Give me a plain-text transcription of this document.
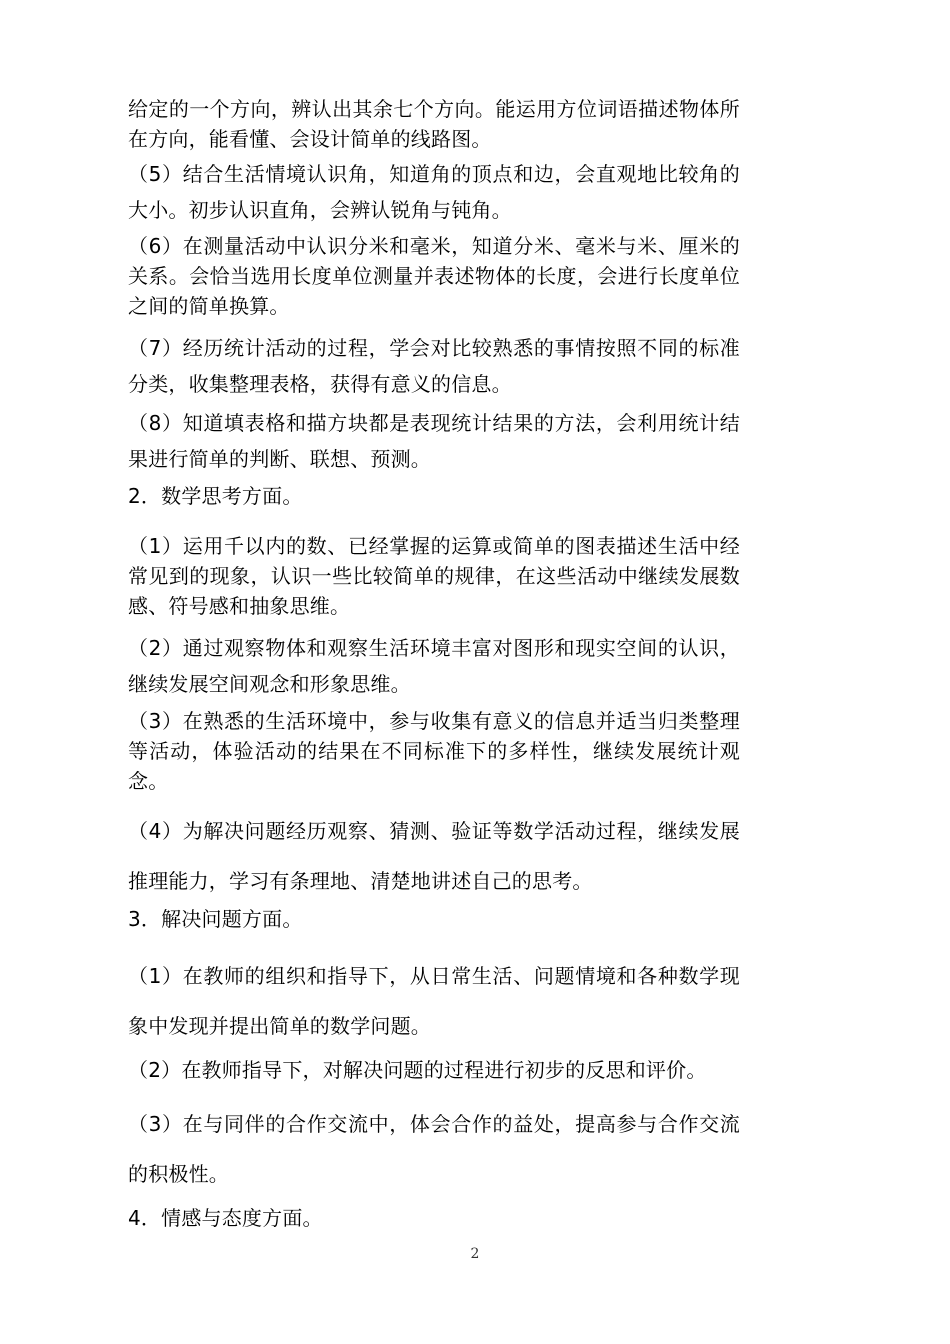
给定的一个方向，辨认出其余七个方向。能运用方位词语描述物体所在方向，能看懂、会设计简单的线路图。

（5）结合生活情境认识角，知道角的顶点和边，会直观地比较角的大小。初步认识直角，会辨认锐角与钝角。

（6）在测量活动中认识分米和毫米，知道分米、毫米与米、厘米的关系。会恰当选用长度单位测量并表述物体的长度，会进行长度单位之间的简单换算。

（7）经历统计活动的过程，学会对比较熟悉的事情按照不同的标准分类，收集整理表格，获得有意义的信息。

（8）知道填表格和描方块都是表现统计结果的方法，会利用统计结果进行简单的判断、联想、预测。

2．数学思考方面。

（1）运用千以内的数、已经掌握的运算或简单的图表描述生活中经常见到的现象，认识一些比较简单的规律，在这些活动中继续发展数感、符号感和抽象思维。

（2）通过观察物体和观察生活环境丰富对图形和现实空间的认识，继续发展空间观念和形象思维。

（3）在熟悉的生活环境中，参与收集有意义的信息并适当归类整理等活动，体验活动的结果在不同标准下的多样性，继续发展统计观念。

（4）为解决问题经历观察、猜测、验证等数学活动过程，继续发展推理能力，学习有条理地、清楚地讲述自己的思考。

3．解决问题方面。

（1）在教师的组织和指导下，从日常生活、问题情境和各种数学现象中发现并提出简单的数学问题。

（2）在教师指导下，对解决问题的过程进行初步的反思和评价。

（3）在与同伴的合作交流中，体会合作的益处，提高参与合作交流的积极性。

4．情感与态度方面。

2
